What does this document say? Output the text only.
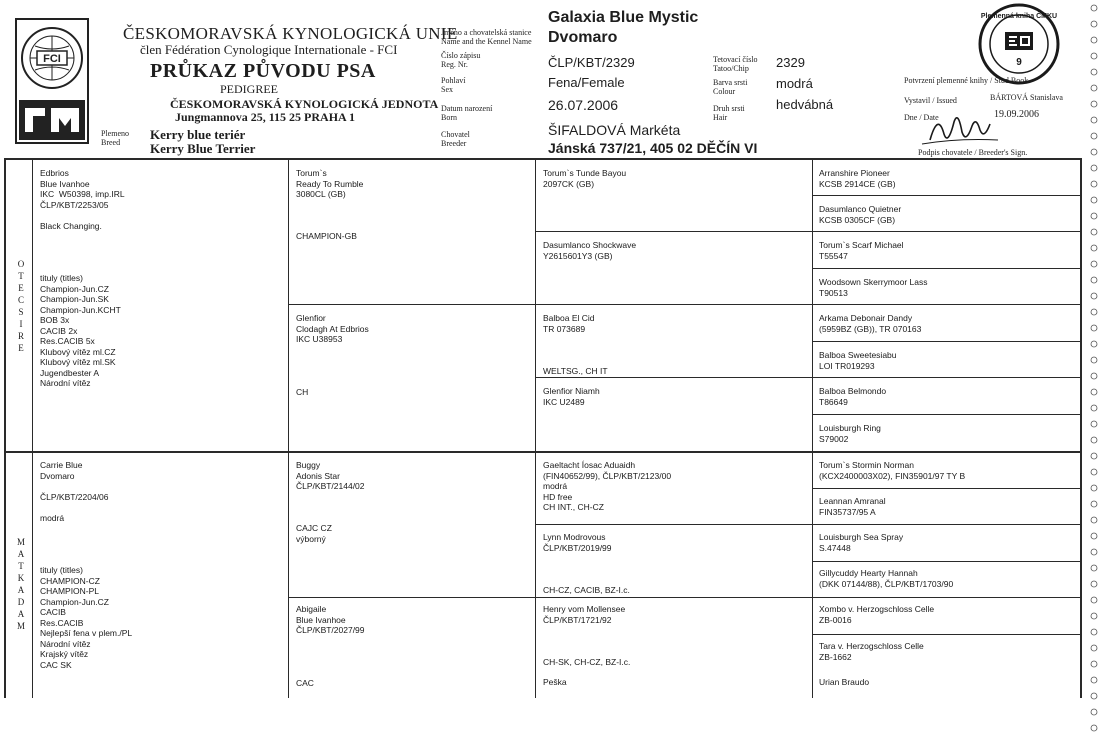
FCI
ČESKOMORAVSKÁ KYNOLOGICKÁ UNIE
člen Fédération Cynologique Internationale - FCI
PRŮKAZ PŮVODU PSA
PEDIGREE
ČESKOMORAVSKÁ KYNOLOGICKÁ JEDNOTA
Jungmannova 25, 115 25 PRAHA 1
Plemeno
Breed
Kerry blue teriér
Kerry Blue Terrier
Jméno a chovatelská stanice
Name and the Kennel Name
Číslo zápisu
Reg. Nr.
Pohlaví
Sex
Datum narození
Born
Chovatel
Breeder
Galaxia Blue Mystic
Dvomaro
ČLP/KBT/2329
Fena/Female
26.07.2006
ŠIFALDOVÁ Markéta
Jánská 737/21, 405 02 DĚČÍN VI
Tetovací číslo
Tatoo/Chip
Barva srsti
Colour
Druh srsti
Hair
2329
modrá
hedvábná
9
Plemenná kniha ČMKU
Potvrzení plemenné knihy / Stud Book
Vystavil / Issued	BÁRTOVÁ Stanislava
Dne / Date	19.09.2006
Podpis chovatele / Breeder's Sign.
O
T
E
C
S
I
R
E
M
A
T
K
A
D
A
M
Edbrios
Blue Ivanhoe
IKC  W50398, imp.IRL
ČLP/KBT/2253/05

Black Changing.

tituly (titles)
Champion-Jun.CZ
Champion-Jun.SK
Champion-Jun.KCHT
BOB 3x
CACIB 2x
Res.CACIB 5x
Klubový vítěz ml.CZ
Klubový vítěz ml.SK
Jugendbester A
Národní vítěz
Torum`s
Ready To Rumble
3080CL (GB)

CHAMPION-GB
Glenfior
Clodagh At Edbrios
IKC U38953

CH
Torum`s Tunde Bayou
2097CK (GB)
Dasumlanco Shockwave
Y2615601Y3 (GB)
Balboa El Cid
TR 073689

WELTSG., CH IT
Glenfior Niamh
IKC U2489
Arranshire Pioneer
KCSB 2914CE (GB)
Dasumlanco Quietner
KCSB 0305CF (GB)
Torum`s Scarf Michael
T55547
Woodsown Skerrymoor Lass
T90513
Arkama Debonair Dandy
(5959BZ (GB)), TR 070163
Balboa Sweetesiabu
LOI TR019293
Balboa Belmondo
T86649
Louisburgh Ring
S79002
Carrie Blue
Dvomaro

ČLP/KBT/2204/06

modrá

tituly (titles)
CHAMPION-CZ
CHAMPION-PL
Champion-Jun.CZ
CACIB
Res.CACIB
Nejlepší fena v plem./PL
Národní vítěz
Krajský vítěz
CAC SK
Buggy
Adonis Star
ČLP/KBT/2144/02

CAJC CZ
výborný
Abigaile
Blue Ivanhoe
ČLP/KBT/2027/99

CAC
Gaeltacht Íosac Aduaidh
(FIN40652/99), ČLP/KBT/2123/00
modrá
HD free
CH INT., CH-CZ
Lynn Modrovous
ČLP/KBT/2019/99

CH-CZ, CACIB, BZ-I.c.
Henry vom Mollensee
ČLP/KBT/1721/92

CH-SK, CH-CZ, BZ-I.c.
Peška
Torum`s Stormin Norman
(KCX2400003X02), FIN35901/97 TY B
Leannan Amranal
FIN35737/95 A
Louisburgh Sea Spray
S.47448
Gillycuddy Hearty Hannah
(DKK 07144/88), ČLP/KBT/1703/90
Xombo v. Herzogschloss Celle
ZB-0016
Tara v. Herzogschloss Celle
ZB-1662
Urian Braudo
